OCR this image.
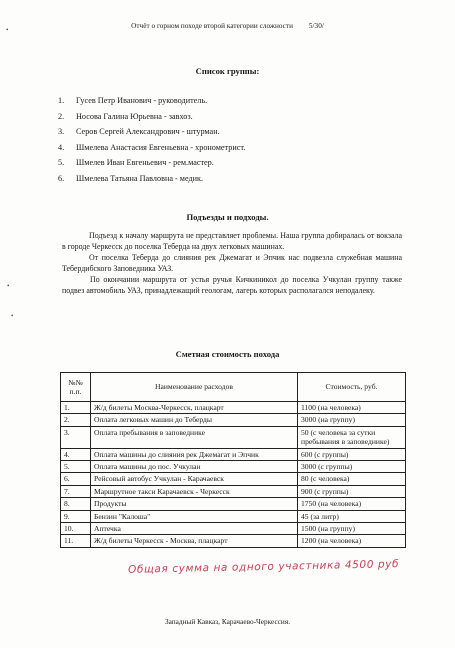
Отчёт о горном походе второй категории сложности 5/30/
Список группы:
1. Гусев Петр Иванович - руководитель.
2. Носова Галина Юрьевна - завхоз.
3. Серов Сергей Александрович - штурман.
4. Шмелева Анастасия Евгеньевна - хронометрист.
5. Шмелев Иван Евгеньевич - рем.мастер.
6. Шмелева Татьяна Павловна - медик.
Подъезды и подходы.

Подъезд к началу маршрута не представляет проблемы. Наша группа добиралась от вокзала в городе Черкесск до поселка Теберда на двух легковых машинах.

От поселка Теберда до слияния рек Джемагат и Эпчик нас подвезла служебная машина Тебердибского Заповедника УАЗ.

По окончании маршрута от устья ручья Кичкиникол до поселка Учкулан группу также подвез автомобиль УАЗ, принадлежащий геологам, лагерь которых располагался неподалеку.

Сметная стоимость похода
№№ п.п.	Наименование расходов	Стоимость, руб.
1.	Ж/д билеты Москва-Черкесск, плацкарт	1100 (на человека)
2.	Оплата легковых машин до Теберды	3000 (на группу)
3.	Оплата пребывания в заповеднике	50 (с человека за сутки пребывания в заповеднике)
4.	Оплата машины до слияния рек Джемагат и Эпчик	600 (с группы)
5.	Оплата машины до пос. Учкулан	3000 (с группы)
6.	Рейсовый автобус Учкулан - Карачаевск	80 (с человека)
7.	Маршрутное такси Карачаевск - Черкесск	900 (с группы)
8.	Продукты	1750 (на человека)
9.	Бензин "Калоша"	45 (за литр)
10.	Аптечка	1500 (на группу)
11.	Ж/д билеты Черкесск - Москва, плацкарт	1200 (на человека)
Общая сумма на одного участника 4500 руб
Западный Кавказ, Карачаево-Черкессия.
•
•
•
